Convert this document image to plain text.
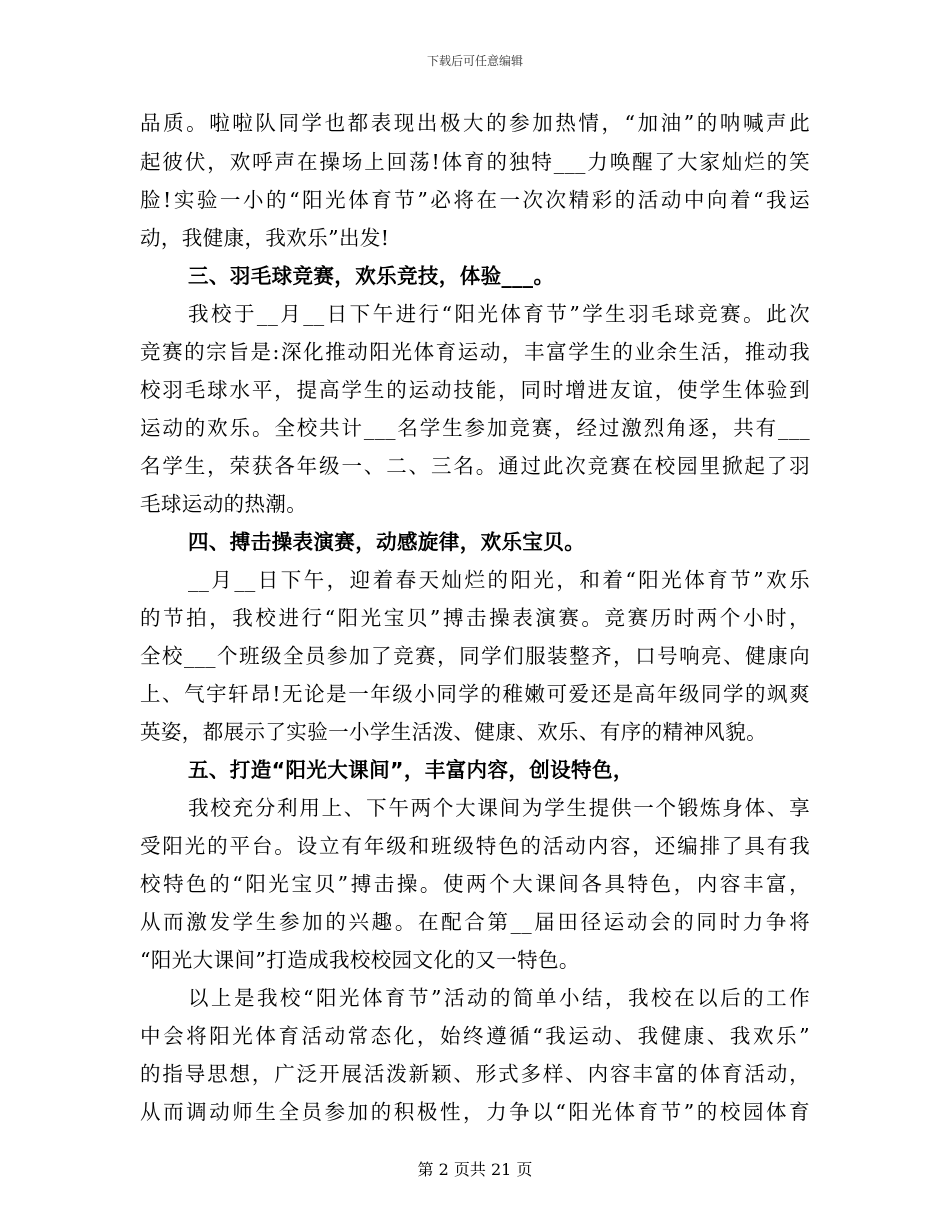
下载后可任意编辑
品质。啦啦队同学也都表现出极大的参加热情，“加油”的呐喊声此
起彼伏，欢呼声在操场上回荡!体育的独特___力唤醒了大家灿烂的笑
脸!实验一小的“阳光体育节”必将在一次次精彩的活动中向着“我运
动，我健康，我欢乐”出发!
三、羽毛球竞赛，欢乐竞技，体验___。
我校于__月__日下午进行“阳光体育节”学生羽毛球竞赛。此次
竞赛的宗旨是:深化推动阳光体育运动，丰富学生的业余生活，推动我
校羽毛球水平，提高学生的运动技能，同时增进友谊，使学生体验到
运动的欢乐。全校共计___名学生参加竞赛，经过激烈角逐，共有___
名学生，荣获各年级一、二、三名。通过此次竞赛在校园里掀起了羽
毛球运动的热潮。
四、搏击操表演赛，动感旋律，欢乐宝贝。
__月__日下午，迎着春天灿烂的阳光，和着“阳光体育节”欢乐
的节拍，我校进行“阳光宝贝”搏击操表演赛。竞赛历时两个小时，
全校___个班级全员参加了竞赛，同学们服装整齐，口号响亮、健康向
上、气宇轩昂!无论是一年级小同学的稚嫩可爱还是高年级同学的飒爽
英姿，都展示了实验一小学生活泼、健康、欢乐、有序的精神风貌。
五、打造“阳光大课间”，丰富内容，创设特色，
我校充分利用上、下午两个大课间为学生提供一个锻炼身体、享
受阳光的平台。设立有年级和班级特色的活动内容，还编排了具有我
校特色的“阳光宝贝”搏击操。使两个大课间各具特色，内容丰富，
从而激发学生参加的兴趣。在配合第__届田径运动会的同时力争将
“阳光大课间”打造成我校校园文化的又一特色。
以上是我校“阳光体育节”活动的简单小结，我校在以后的工作
中会将阳光体育活动常态化，始终遵循“我运动、我健康、我欢乐”
的指导思想，广泛开展活泼新颖、形式多样、内容丰富的体育活动，
从而调动师生全员参加的积极性，力争以“阳光体育节”的校园体育
第 2 页共 21 页
